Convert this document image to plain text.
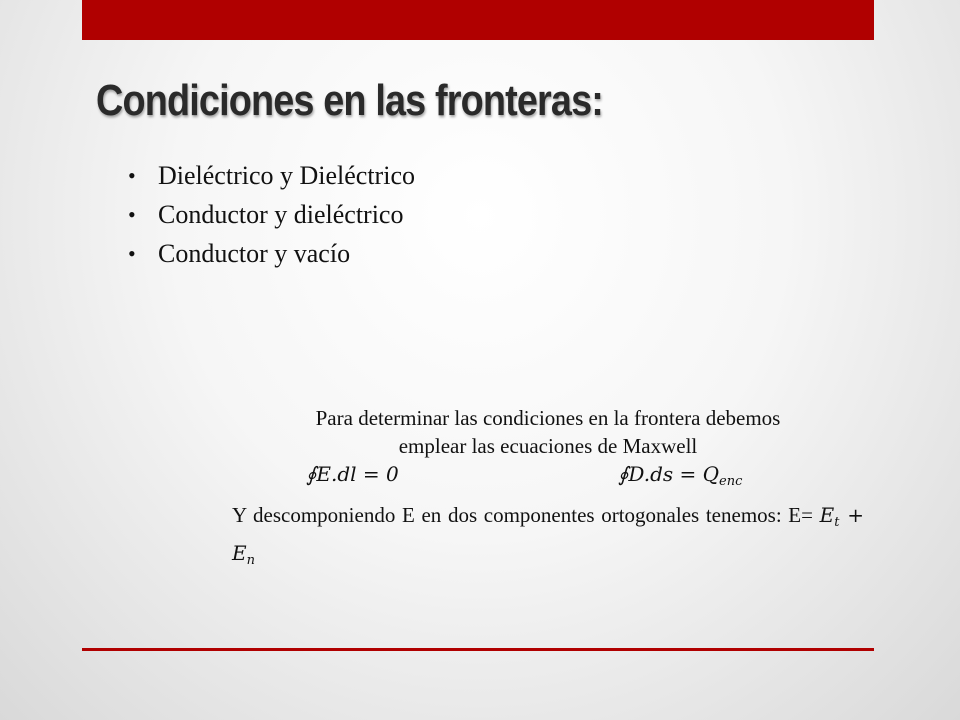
Condiciones en las fronteras:
• Dieléctrico y Dieléctrico
• Conductor y dieléctrico
• Conductor y vacío
Para determinar las condiciones en la frontera debemos
emplear las ecuaciones de Maxwell
∮E.dl = 0	∮D.ds = $Q_{enc}$
Y descomponiendo E en dos componentes ortogonales tenemos: $E= E_t + E_n$
